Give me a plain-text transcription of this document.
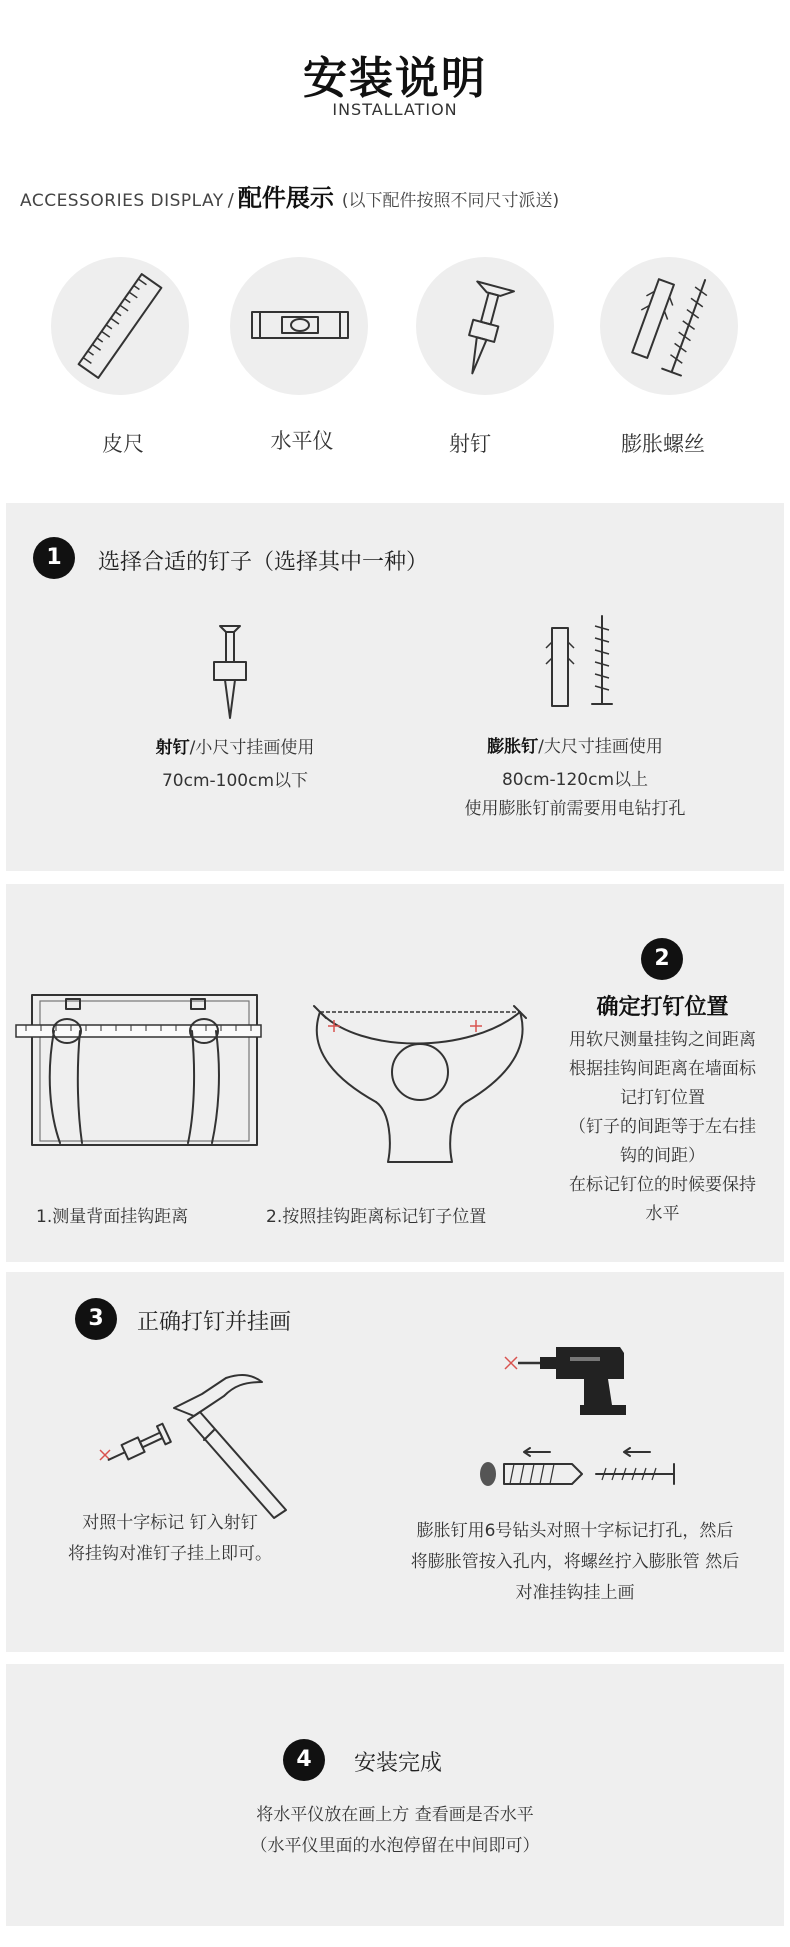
安装说明
INSTALLATION
ACCESSORIES DISPLAY / 配件展示 (以下配件按照不同尺寸派送)
皮尺	水平仪	射钉	膨胀螺丝
1	选择合适的钉子（选择其中一种）
射钉/小尺寸挂画使用
70cm-100cm以下
膨胀钉/大尺寸挂画使用
80cm-120cm以上
使用膨胀钉前需要用电钻打孔
1.测量背面挂钩距离	2.按照挂钩距离标记钉子位置
2
确定打钉位置
用软尺测量挂钩之间距离
根据挂钩间距离在墙面标
记打钉位置
（钉子的间距等于左右挂
钩的间距）
在标记钉位的时候要保持
水平
3	正确打钉并挂画
对照十字标记 钉入射钉
将挂钩对准钉子挂上即可。
膨胀钉用6号钻头对照十字标记打孔，然后
将膨胀管按入孔内，将螺丝拧入膨胀管 然后
对准挂钩挂上画
4	安装完成
将水平仪放在画上方 查看画是否水平
（水平仪里面的水泡停留在中间即可）
